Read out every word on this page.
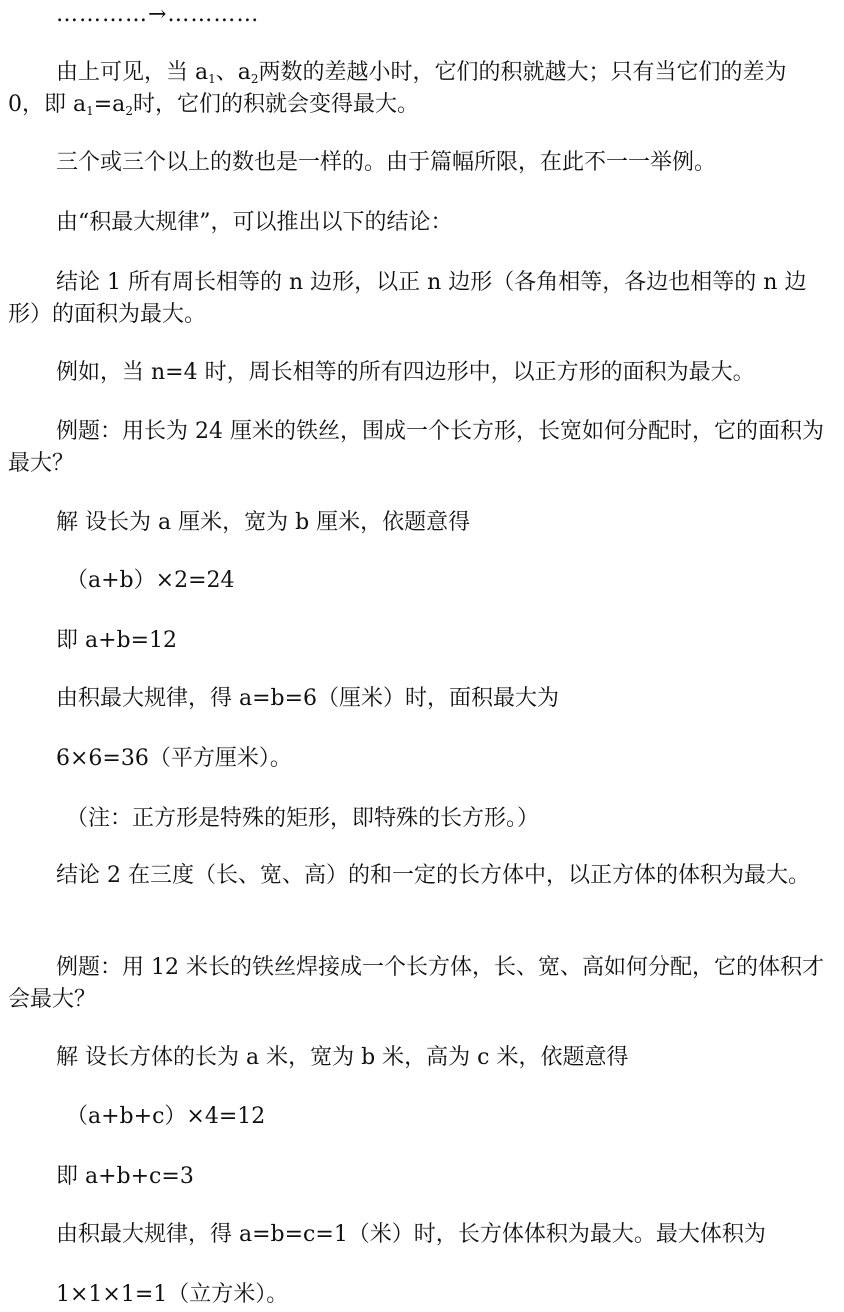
…………→…………
由上可见，当 $a_1$、$a_2$两数的差越小时，它们的积就越大；只有当它们的差为
0，即 $a_1=a_2$时，它们的积就会变得最大。
三个或三个以上的数也是一样的。由于篇幅所限，在此不一一举例。
由“积最大规律”，可以推出以下的结论：
结论 1 所有周长相等的 n 边形，以正 n 边形（各角相等，各边也相等的 n 边形）的面积为最大。
例如，当 n=4 时，周长相等的所有四边形中，以正方形的面积为最大。
例题：用长为 24 厘米的铁丝，围成一个长方形，长宽如何分配时，它的面积为最大？
解 设长为 a 厘米，宽为 b 厘米，依题意得
（a+b）×2=24
即 a+b=12
由积最大规律，得 a=b=6（厘米）时，面积最大为
6×6=36（平方厘米）。
（注：正方形是特殊的矩形，即特殊的长方形。）
结论 2 在三度（长、宽、高）的和一定的长方体中，以正方体的体积为最大。
例题：用 12 米长的铁丝焊接成一个长方体，长、宽、高如何分配，它的体积才会最大？
解 设长方体的长为 a 米，宽为 b 米，高为 c 米，依题意得
（a+b+c）×4=12
即 a+b+c=3
由积最大规律，得 a=b=c=1（米）时，长方体体积为最大。最大体积为
1×1×1=1（立方米）。
